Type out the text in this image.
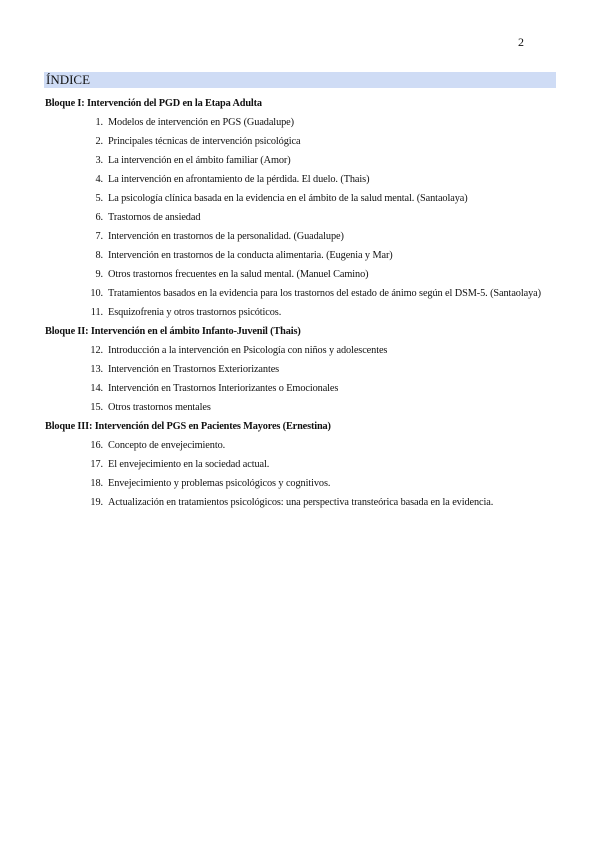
2
ÍNDICE
Bloque I: Intervención del PGD en la Etapa Adulta
1. Modelos de intervención en PGS (Guadalupe)
2. Principales técnicas de intervención psicológica
3. La intervención en el ámbito familiar (Amor)
4. La intervención en afrontamiento de la pérdida. El duelo. (Thais)
5. La psicología clínica basada en la evidencia en el ámbito de la salud mental. (Santaolaya)
6. Trastornos de ansiedad
7. Intervención en trastornos de la personalidad. (Guadalupe)
8. Intervención en trastornos de la conducta alimentaria. (Eugenia y Mar)
9. Otros trastornos frecuentes en la salud mental. (Manuel Camino)
10. Tratamientos basados en la evidencia para los trastornos del estado de ánimo según el DSM-5. (Santaolaya)
11. Esquizofrenia y otros trastornos psicóticos.
Bloque II: Intervención en el ámbito Infanto-Juvenil (Thais)
12. Introducción a la intervención en Psicología con niños y adolescentes
13. Intervención en Trastornos Exteriorizantes
14. Intervención en Trastornos Interiorizantes o Emocionales
15. Otros trastornos mentales
Bloque III: Intervención del PGS en Pacientes Mayores (Ernestina)
16. Concepto de envejecimiento.
17. El envejecimiento en la sociedad actual.
18. Envejecimiento y problemas psicológicos y cognitivos.
19. Actualización en tratamientos psicológicos: una perspectiva transteórica basada en la evidencia.
